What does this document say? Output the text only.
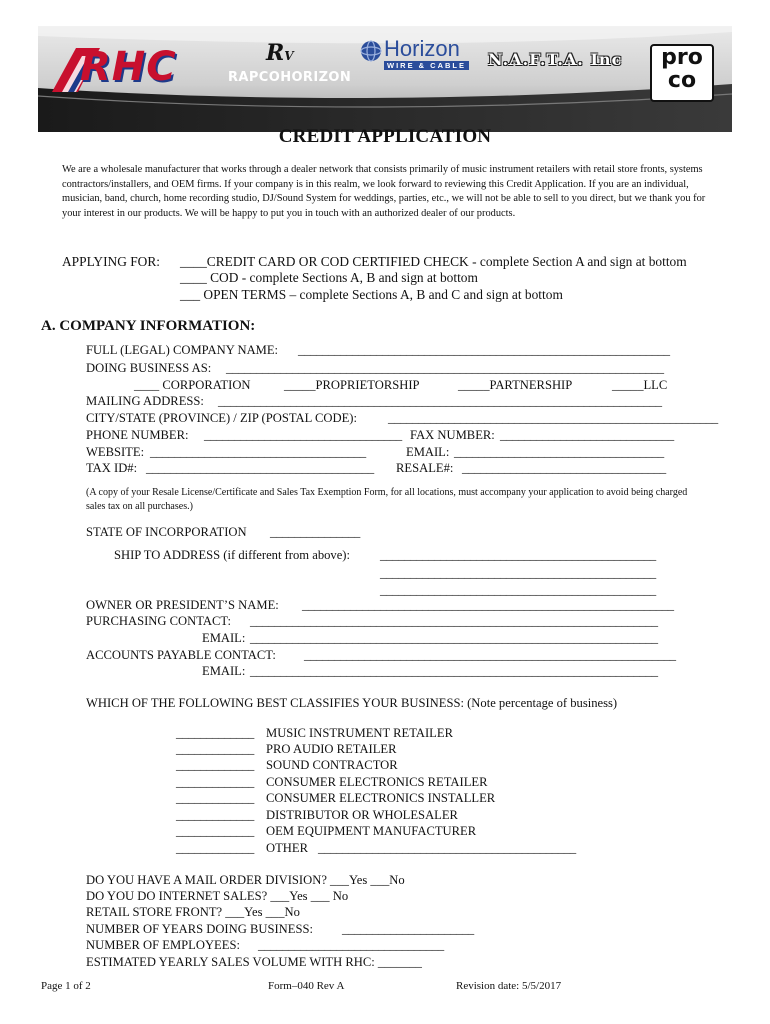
RHC	RV
RAPCOHORIZON
Horizon
WIRE & CABLE N.A.F.T.A. Inc	pro
co
CREDIT APPLICATION
We are a wholesale manufacturer that works through a dealer network that consists primarily of music instrument retailers with retail store fronts, systems contractors/installers, and OEM firms. If your company is in this realm, we look forward to reviewing this Credit Application. If you are an individual, musician, band, church, home recording studio, DJ/Sound System for weddings, parties, etc., we will not be able to sell to you direct, but we thank you for your interest in our products. We will be happy to put you in touch with an authorized dealer of our products.
APPLYING FOR: ____CREDIT CARD OR COD CERTIFIED CHECK - complete Section A and sign at bottom
____ COD - complete Sections A, B and sign at bottom
___ OPEN TERMS – complete Sections A, B and C and sign at bottom
A. COMPANY INFORMATION:
FULL (LEGAL) COMPANY NAME: ______________________________________________________________
DOING BUSINESS AS: _________________________________________________________________________
____ CORPORATION	_____PROPRIETORSHIP	_____PARTNERSHIP	_____LLC
MAILING ADDRESS: __________________________________________________________________________
CITY/STATE (PROVINCE) / ZIP (POSTAL CODE): _______________________________________________________
PHONE NUMBER: _________________________________ FAX NUMBER: _____________________________
WEBSITE: ____________________________________	EMAIL: ___________________________________
TAX ID#: ______________________________________ RESALE#: __________________________________
(A copy of your Resale License/Certificate and Sales Tax Exemption Form, for all locations, must accompany your application to avoid being charged sales tax on all purchases.)
STATE OF INCORPORATION _______________
SHIP TO ADDRESS (if different from above): ______________________________________________
______________________________________________
______________________________________________
OWNER OR PRESIDENT’S NAME: ______________________________________________________________
PURCHASING CONTACT: ____________________________________________________________________
EMAIL: ____________________________________________________________________
ACCOUNTS PAYABLE CONTACT: ______________________________________________________________
EMAIL: ____________________________________________________________________
WHICH OF THE FOLLOWING BEST CLASSIFIES YOUR BUSINESS: (Note percentage of business)
_____________ MUSIC INSTRUMENT RETAILER
_____________ PRO AUDIO RETAILER
_____________ SOUND CONTRACTOR
_____________ CONSUMER ELECTRONICS RETAILER
_____________ CONSUMER ELECTRONICS INSTALLER
_____________ DISTRIBUTOR OR WHOLESALER
_____________ OEM EQUIPMENT MANUFACTURER
_____________ OTHER ___________________________________________
DO YOU HAVE A MAIL ORDER DIVISION? ___Yes ___No
DO YOU DO INTERNET SALES? ___Yes ___ No
RETAIL STORE FRONT? ___Yes ___No
NUMBER OF YEARS DOING BUSINESS: ______________________
NUMBER OF EMPLOYEES: _______________________________
ESTIMATED YEARLY SALES VOLUME WITH RHC: _______
Page 1 of 2	Form–040 Rev A	Revision date: 5/5/2017
